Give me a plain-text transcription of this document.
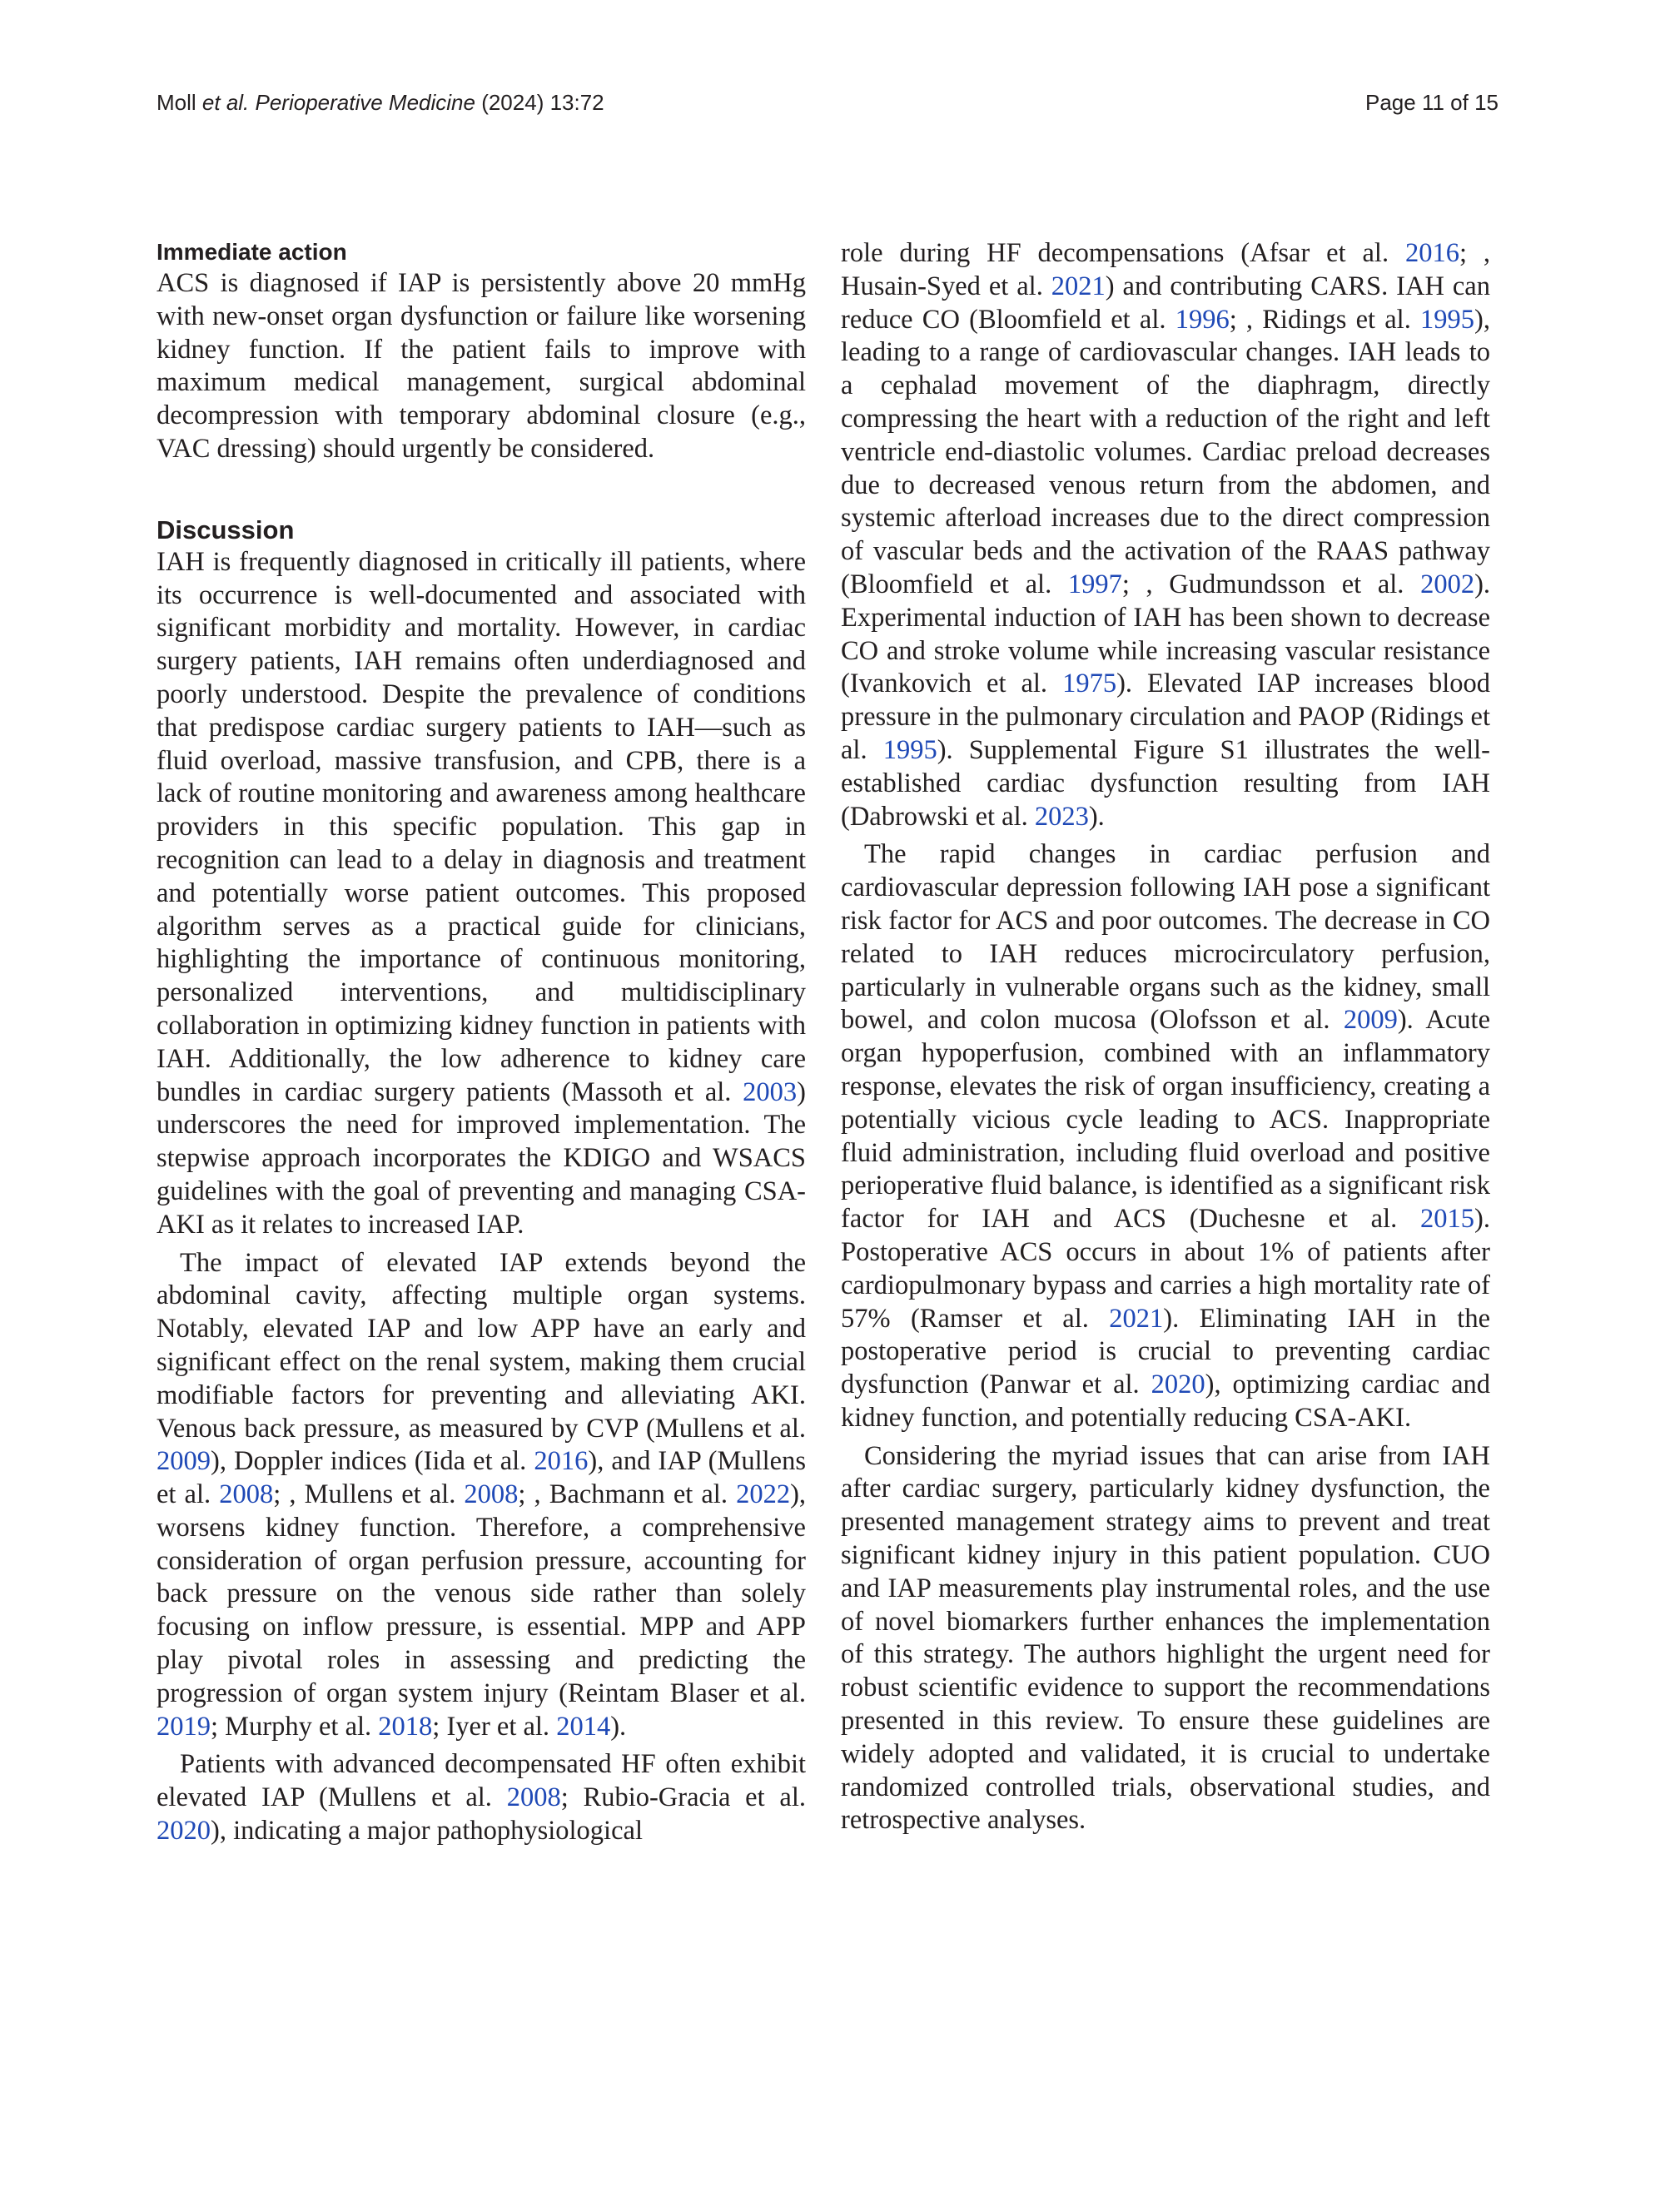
Moll et al. Perioperative Medicine (2024) 13:72	Page 11 of 15
Immediate action

ACS is diagnosed if IAP is persistently above 20 mmHg with new-onset organ dysfunction or failure like worsening kidney function. If the patient fails to improve with maximum medical management, surgical abdominal decompression with temporary abdominal closure (e.g., VAC dressing) should urgently be considered.

Discussion

IAH is frequently diagnosed in critically ill patients, where its occurrence is well-documented and associated with significant morbidity and mortality. However, in cardiac surgery patients, IAH remains often underdiagnosed and poorly understood. Despite the prevalence of conditions that predispose cardiac surgery patients to IAH—such as fluid overload, massive transfusion, and CPB, there is a lack of routine monitoring and awareness among healthcare providers in this specific population. This gap in recognition can lead to a delay in diagnosis and treatment and potentially worse patient outcomes. This proposed algorithm serves as a practical guide for clinicians, highlighting the importance of continuous monitoring, personalized interventions, and multidisciplinary collaboration in optimizing kidney function in patients with IAH. Additionally, the low adherence to kidney care bundles in cardiac surgery patients (Massoth et al. 2003) underscores the need for improved implementation. The stepwise approach incorporates the KDIGO and WSACS guidelines with the goal of preventing and managing CSA-AKI as it relates to increased IAP.

The impact of elevated IAP extends beyond the abdominal cavity, affecting multiple organ systems. Notably, elevated IAP and low APP have an early and significant effect on the renal system, making them crucial modifiable factors for preventing and alleviating AKI. Venous back pressure, as measured by CVP (Mullens et al. 2009), Doppler indices (Iida et al. 2016), and IAP (Mullens et al. 2008; , Mullens et al. 2008; , Bachmann et al. 2022), worsens kidney function. Therefore, a comprehensive consideration of organ perfusion pressure, accounting for back pressure on the venous side rather than solely focusing on inflow pressure, is essential. MPP and APP play pivotal roles in assessing and predicting the progression of organ system injury (Reintam Blaser et al. 2019; Murphy et al. 2018; Iyer et al. 2014).

Patients with advanced decompensated HF often exhibit elevated IAP (Mullens et al. 2008; Rubio-Gracia et al. 2020), indicating a major pathophysiological

role during HF decompensations (Afsar et al. 2016; , Husain-Syed et al. 2021) and contributing CARS. IAH can reduce CO (Bloomfield et al. 1996; , Ridings et al. 1995), leading to a range of cardiovascular changes. IAH leads to a cephalad movement of the diaphragm, directly compressing the heart with a reduction of the right and left ventricle end-diastolic volumes. Cardiac preload decreases due to decreased venous return from the abdomen, and systemic afterload increases due to the direct compression of vascular beds and the activation of the RAAS pathway (Bloomfield et al. 1997; , Gudmundsson et al. 2002). Experimental induction of IAH has been shown to decrease CO and stroke volume while increasing vascular resistance (Ivankovich et al. 1975). Elevated IAP increases blood pressure in the pulmonary circulation and PAOP (Ridings et al. 1995). Supplemental Figure S1 illustrates the well-established cardiac dysfunction resulting from IAH (Dabrowski et al. 2023).

The rapid changes in cardiac perfusion and cardiovascular depression following IAH pose a significant risk factor for ACS and poor outcomes. The decrease in CO related to IAH reduces microcirculatory perfusion, particularly in vulnerable organs such as the kidney, small bowel, and colon mucosa (Olofsson et al. 2009). Acute organ hypoperfusion, combined with an inflammatory response, elevates the risk of organ insufficiency, creating a potentially vicious cycle leading to ACS. Inappropriate fluid administration, including fluid overload and positive perioperative fluid balance, is identified as a significant risk factor for IAH and ACS (Duchesne et al. 2015). Postoperative ACS occurs in about 1% of patients after cardiopulmonary bypass and carries a high mortality rate of 57% (Ramser et al. 2021). Eliminating IAH in the postoperative period is crucial to preventing cardiac dysfunction (Panwar et al. 2020), optimizing cardiac and kidney function, and potentially reducing CSA-AKI.

Considering the myriad issues that can arise from IAH after cardiac surgery, particularly kidney dysfunction, the presented management strategy aims to prevent and treat significant kidney injury in this patient population. CUO and IAP measurements play instrumental roles, and the use of novel biomarkers further enhances the implementation of this strategy. The authors highlight the urgent need for robust scientific evidence to support the recommendations presented in this review. To ensure these guidelines are widely adopted and validated, it is crucial to undertake randomized controlled trials, observational studies, and retrospective analyses.
